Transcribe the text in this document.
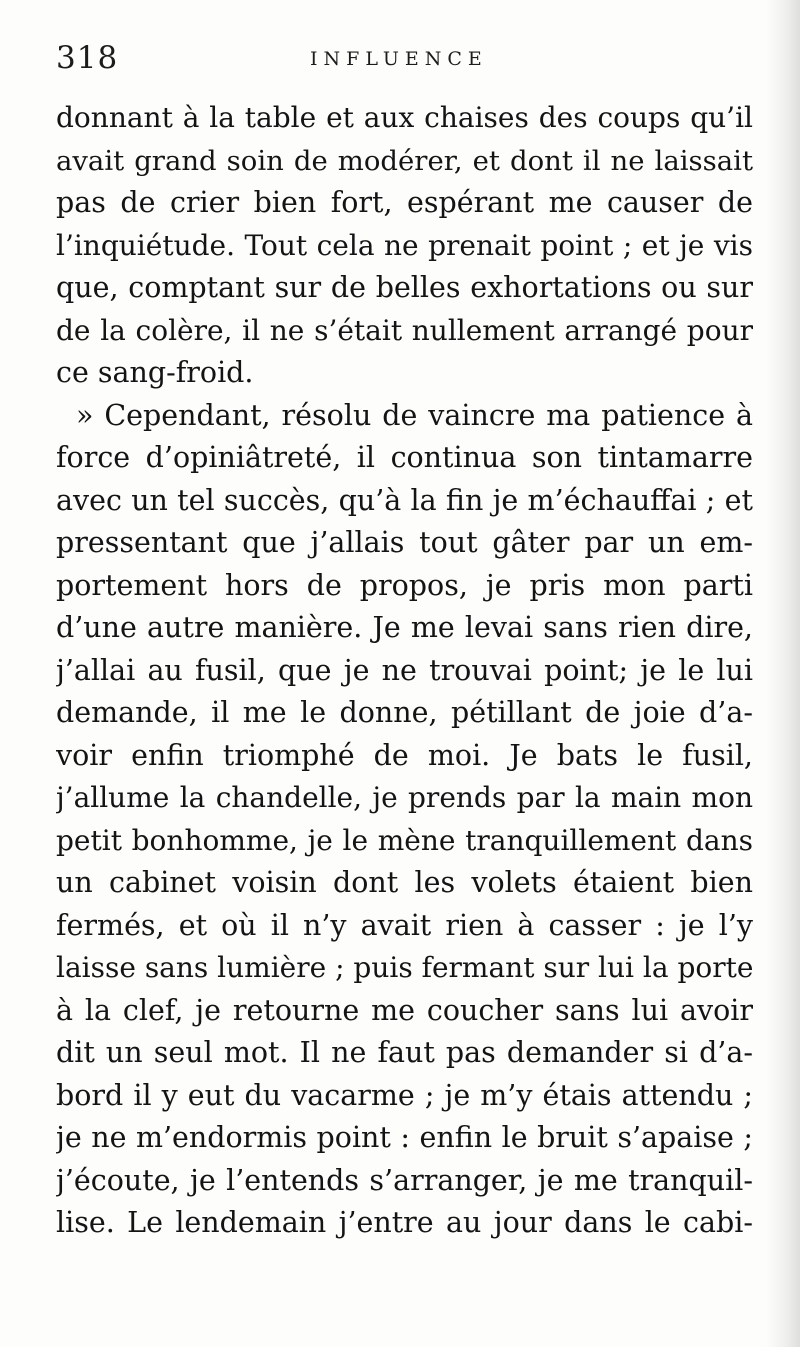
318	INFLUENCE
donnant à la table et aux chaises des coups qu’il
avait grand soin de modérer, et dont il ne laissait
pas de crier bien fort, espérant me causer de
l’inquiétude. Tout cela ne prenait point ; et je vis
que, comptant sur de belles exhortations ou sur
de la colère, il ne s’était nullement arrangé pour
ce sang-froid.
» Cependant, résolu de vaincre ma patience à
force d’opiniâtreté, il continua son tintamarre
avec un tel succès, qu’à la fin je m’échauffai ; et
pressentant que j’allais tout gâter par un em-
portement hors de propos, je pris mon parti
d’une autre manière. Je me levai sans rien dire,
j’allai au fusil, que je ne trouvai point; je le lui
demande, il me le donne, pétillant de joie d’a-
voir enfin triomphé de moi. Je bats le fusil,
j’allume la chandelle, je prends par la main mon
petit bonhomme, je le mène tranquillement dans
un cabinet voisin dont les volets étaient bien
fermés, et où il n’y avait rien à casser : je l’y
laisse sans lumière ; puis fermant sur lui la porte
à la clef, je retourne me coucher sans lui avoir
dit un seul mot. Il ne faut pas demander si d’a-
bord il y eut du vacarme ; je m’y étais attendu ;
je ne m’endormis point : enfin le bruit s’apaise ;
j’écoute, je l’entends s’arranger, je me tranquil-
lise. Le lendemain j’entre au jour dans le cabi-
